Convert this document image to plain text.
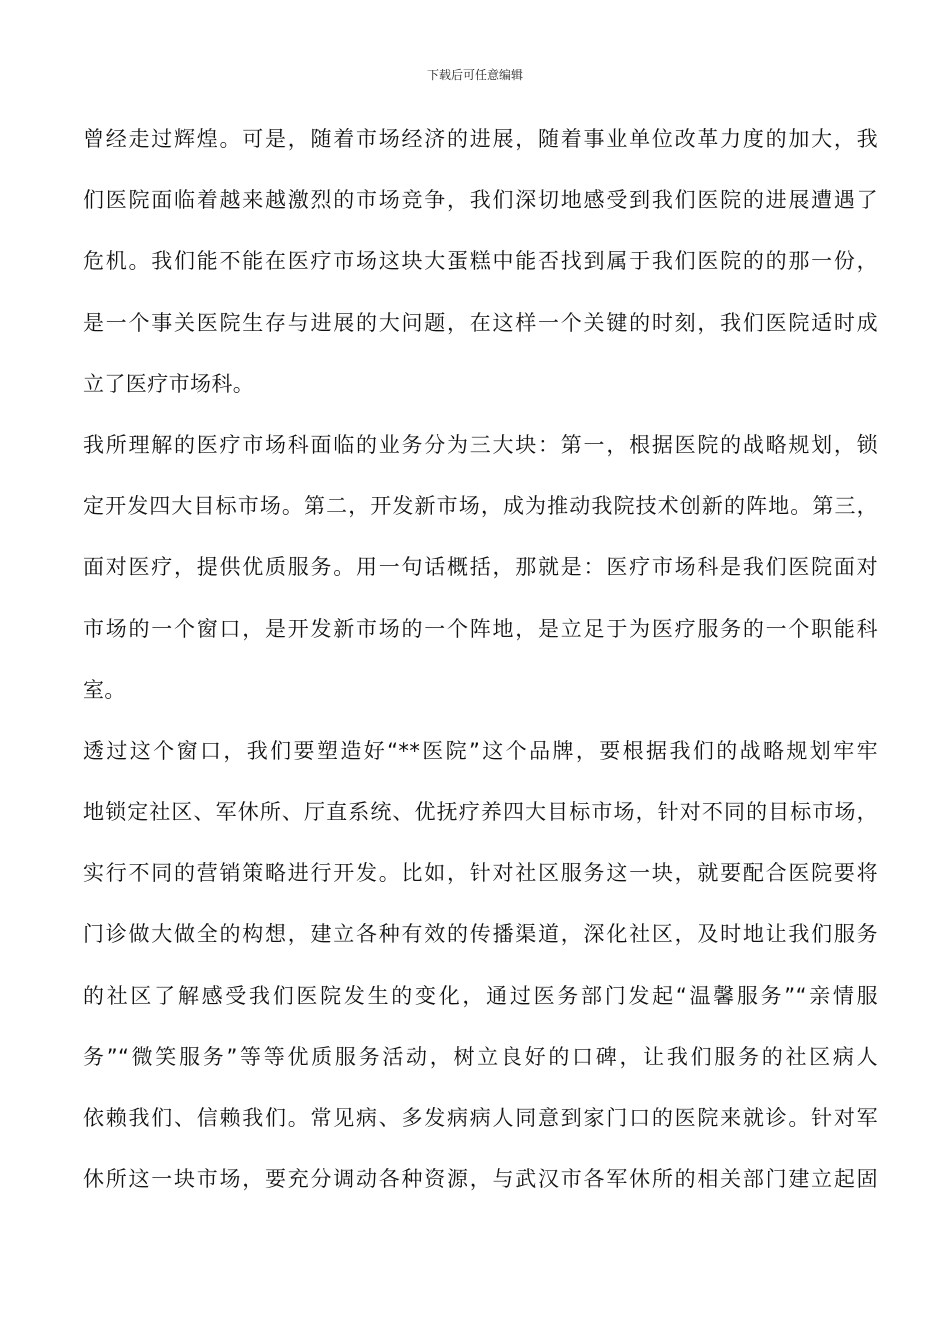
下载后可任意编辑
曾经走过辉煌。可是，随着市场经济的进展，随着事业单位改革力度的加大，我
们医院面临着越来越激烈的市场竞争，我们深切地感受到我们医院的进展遭遇了
危机。我们能不能在医疗市场这块大蛋糕中能否找到属于我们医院的的那一份，
是一个事关医院生存与进展的大问题，在这样一个关键的时刻，我们医院适时成
立了医疗市场科。
我所理解的医疗市场科面临的业务分为三大块：第一，根据医院的战略规划，锁
定开发四大目标市场。第二，开发新市场，成为推动我院技术创新的阵地。第三，
面对医疗，提供优质服务。用一句话概括，那就是：医疗市场科是我们医院面对
市场的一个窗口，是开发新市场的一个阵地，是立足于为医疗服务的一个职能科
室。
透过这个窗口，我们要塑造好“**医院”这个品牌，要根据我们的战略规划牢牢
地锁定社区、军休所、厅直系统、优抚疗养四大目标市场，针对不同的目标市场，
实行不同的营销策略进行开发。比如，针对社区服务这一块，就要配合医院要将
门诊做大做全的构想，建立各种有效的传播渠道，深化社区，及时地让我们服务
的社区了解感受我们医院发生的变化，通过医务部门发起“温馨服务”“亲情服
务”“微笑服务”等等优质服务活动，树立良好的口碑，让我们服务的社区病人
依赖我们、信赖我们。常见病、多发病病人同意到家门口的医院来就诊。针对军
休所这一块市场，要充分调动各种资源，与武汉市各军休所的相关部门建立起固
